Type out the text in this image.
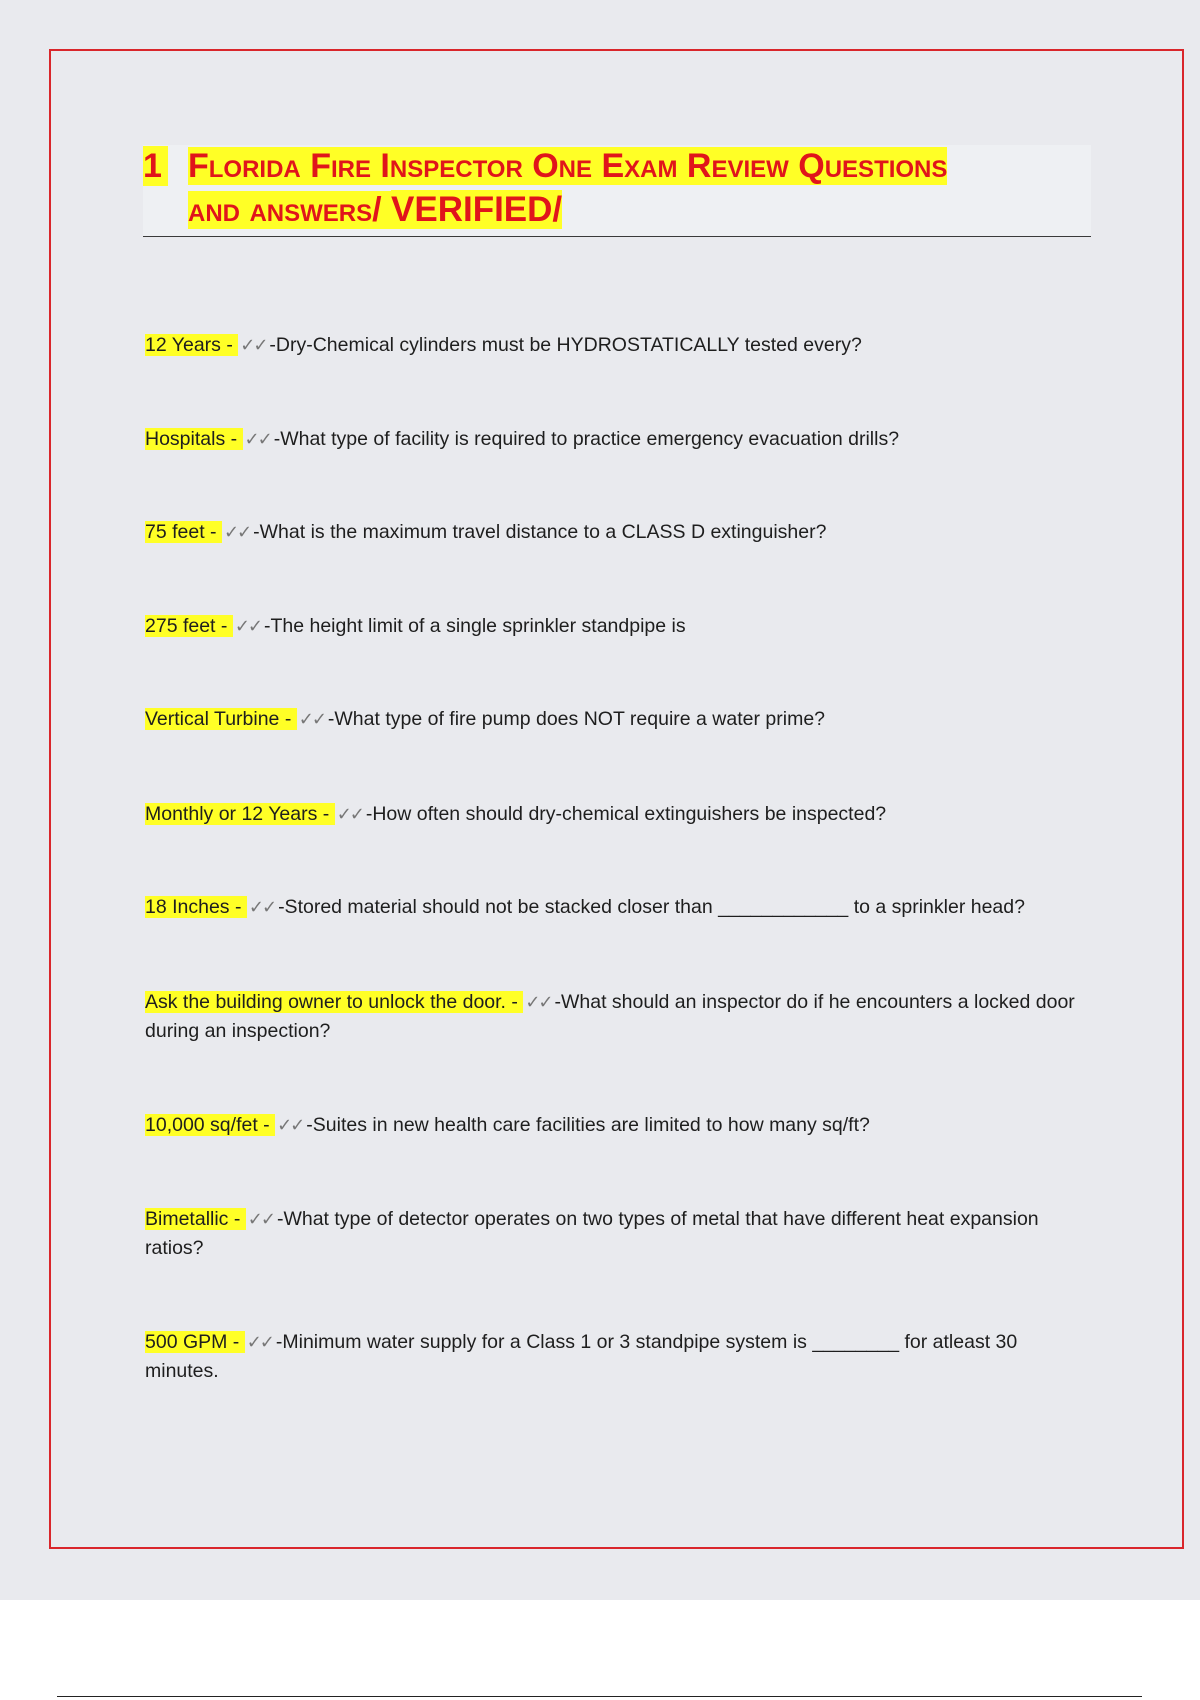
1 Florida Fire Inspector One Exam Review Questions
and answers/ VERIFIED/
12 Years - ✓✓ -Dry-Chemical cylinders must be HYDROSTATICALLY tested every?
Hospitals - ✓✓ -What type of facility is required to practice emergency evacuation drills?
75 feet - ✓✓ -What is the maximum travel distance to a CLASS D extinguisher?
275 feet - ✓✓ -The height limit of a single sprinkler standpipe is
Vertical Turbine - ✓✓ -What type of fire pump does NOT require a water prime?
Monthly or 12 Years - ✓✓ -How often should dry-chemical extinguishers be inspected?
18 Inches - ✓✓ -Stored material should not be stacked closer than ____________ to a sprinkler head?
Ask the building owner to unlock the door. - ✓✓ -What should an inspector do if he encounters a locked door during an inspection?
10,000 sq/fet - ✓✓ -Suites in new health care facilities are limited to how many sq/ft?
Bimetallic - ✓✓ -What type of detector operates on two types of metal that have different heat expansion ratios?
500 GPM - ✓✓ -Minimum water supply for a Class 1 or 3 standpipe system is ________ for atleast 30 minutes.
